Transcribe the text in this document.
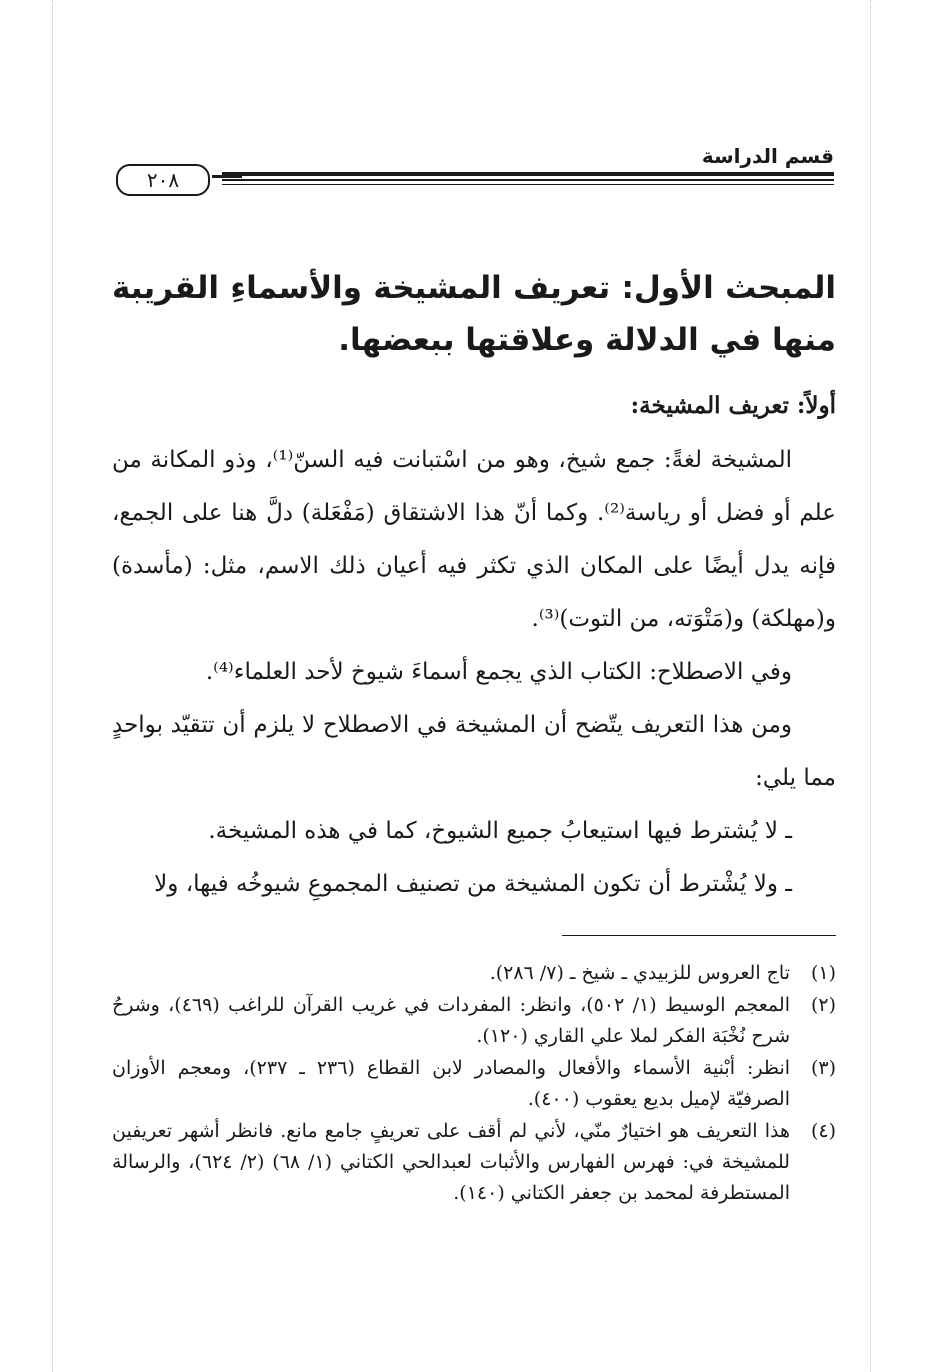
قسم الدراسة
٢٠٨
المبحث الأول: تعريف المشيخة والأسماءِ القريبة منها في الدلالة وعلاقتها ببعضها.
أولاً: تعريف المشيخة:

المشيخة لغةً: جمع شيخ، وهو من اسْتبانت فيه السنّ⁽¹⁾، وذو المكانة من علم أو فضل أو رياسة⁽²⁾. وكما أنّ هذا الاشتقاق (مَفْعَلة) دلَّ هنا على الجمع، فإنه يدل أيضًا على المكان الذي تكثر فيه أعيان ذلك الاسم، مثل: (مأسدة) و(مهلكة) و(مَتْوَته، من التوت)⁽³⁾.

وفي الاصطلاح: الكتاب الذي يجمع أسماءَ شيوخ لأحد العلماء⁽⁴⁾.

ومن هذا التعريف يتّضح أن المشيخة في الاصطلاح لا يلزم أن تتقيّد بواحدٍ مما يلي:

ـ لا يُشترط فيها استيعابُ جميع الشيوخ، كما في هذه المشيخة.

ـ ولا يُشْترط أن تكون المشيخة من تصنيف المجموعِ شيوخُه فيها، ولا

(١)
تاج العروس للزبيدي ـ شيخ ـ (٧/ ٢٨٦).
(٢)
المعجم الوسيط (١/ ٥٠٢)، وانظر: المفردات في غريب القرآن للراغب (٤٦٩)، وشرحُ شرح نُخْبَة الفكر لملا علي القاري (١٢٠).
(٣)
انظر: أبْنية الأسماء والأفعال والمصادر لابن القطاع (٢٣٦ ـ ٢٣٧)، ومعجم الأوزان الصرفيّة لإميل بديع يعقوب (٤٠٠).
(٤)
هذا التعريف هو اختيارٌ منّي، لأني لم أقف على تعريفٍ جامع مانع. فانظر أشهر تعريفين للمشيخة في: فهرس الفهارس والأثبات لعبدالحي الكتاني (١/ ٦٨) (٢/ ٦٢٤)، والرسالة المستطرفة لمحمد بن جعفر الكتاني (١٤٠).
